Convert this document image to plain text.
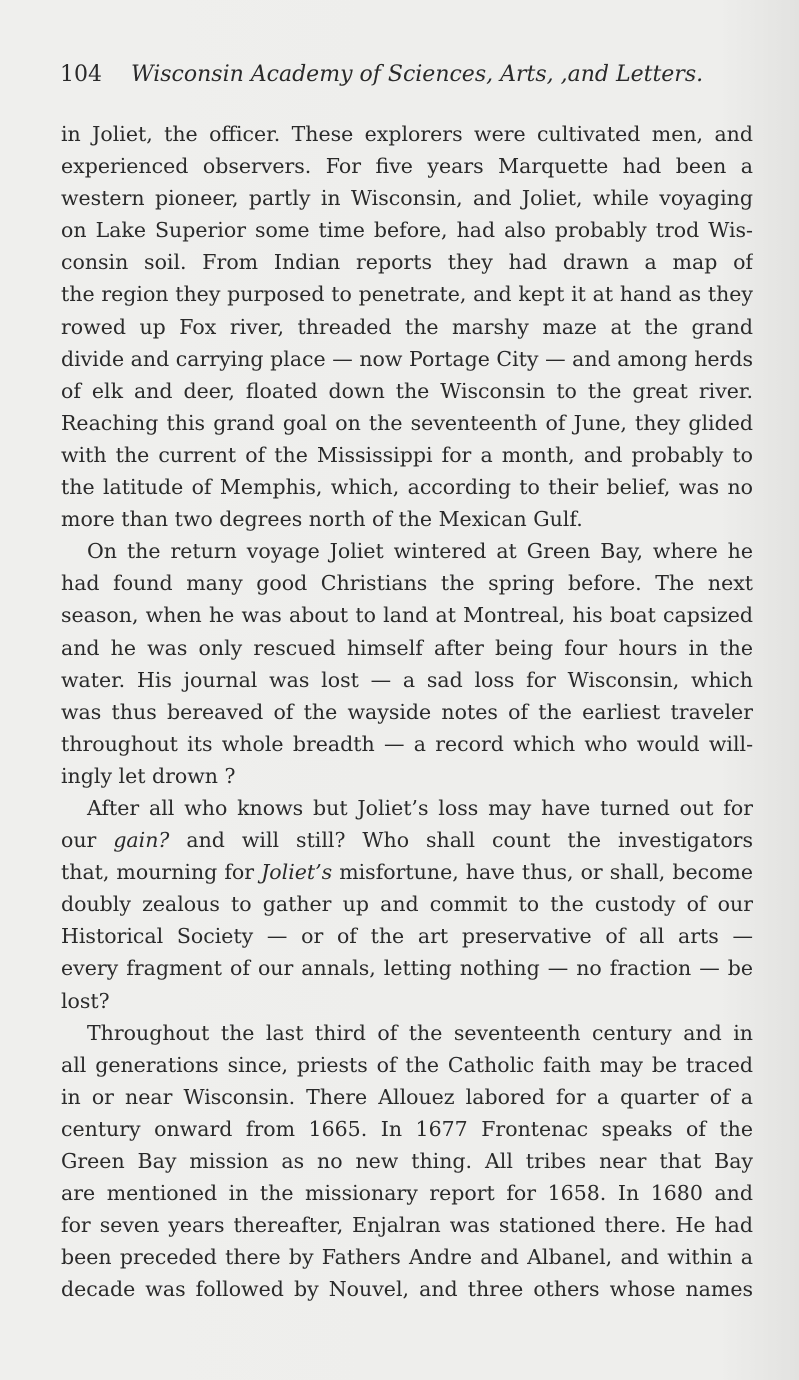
104 Wisconsin Academy of Sciences, Arts, ,and Letters.
in Joliet, the officer. These explorers were cultivated men, and
experienced observers. For five years Marquette had been a
western pioneer, partly in Wisconsin, and Joliet, while voyaging
on Lake Superior some time before, had also probably trod Wis-
consin soil. From Indian reports they had drawn a map of
the region they purposed to penetrate, and kept it at hand as they
rowed up Fox river, threaded the marshy maze at the grand
divide and carrying place — now Portage City — and among herds
of elk and deer, floated down the Wisconsin to the great river.
Reaching this grand goal on the seventeenth of June, they glided
with the current of the Mississippi for a month, and probably to
the latitude of Memphis, which, according to their belief, was no
more than two degrees north of the Mexican Gulf.
On the return voyage Joliet wintered at Green Bay, where he
had found many good Christians the spring before. The next
season, when he was about to land at Montreal, his boat capsized
and he was only rescued himself after being four hours in the
water. His journal was lost — a sad loss for Wisconsin, which
was thus bereaved of the wayside notes of the earliest traveler
throughout its whole breadth — a record which who would will-
ingly let drown ?
After all who knows but Joliet’s loss may have turned out for
our gain? and will still? Who shall count the investigators
that, mourning for Joliet’s misfortune, have thus, or shall, become
doubly zealous to gather up and commit to the custody of our
Historical Society — or of the art preservative of all arts —
every fragment of our annals, letting nothing — no fraction — be
lost?
Throughout the last third of the seventeenth century and in
all generations since, priests of the Catholic faith may be traced
in or near Wisconsin. There Allouez labored for a quarter of a
century onward from 1665. In 1677 Frontenac speaks of the
Green Bay mission as no new thing. All tribes near that Bay
are mentioned in the missionary report for 1658. In 1680 and
for seven years thereafter, Enjalran was stationed there. He had
been preceded there by Fathers Andre and Albanel, and within a
decade was followed by Nouvel, and three others whose names
